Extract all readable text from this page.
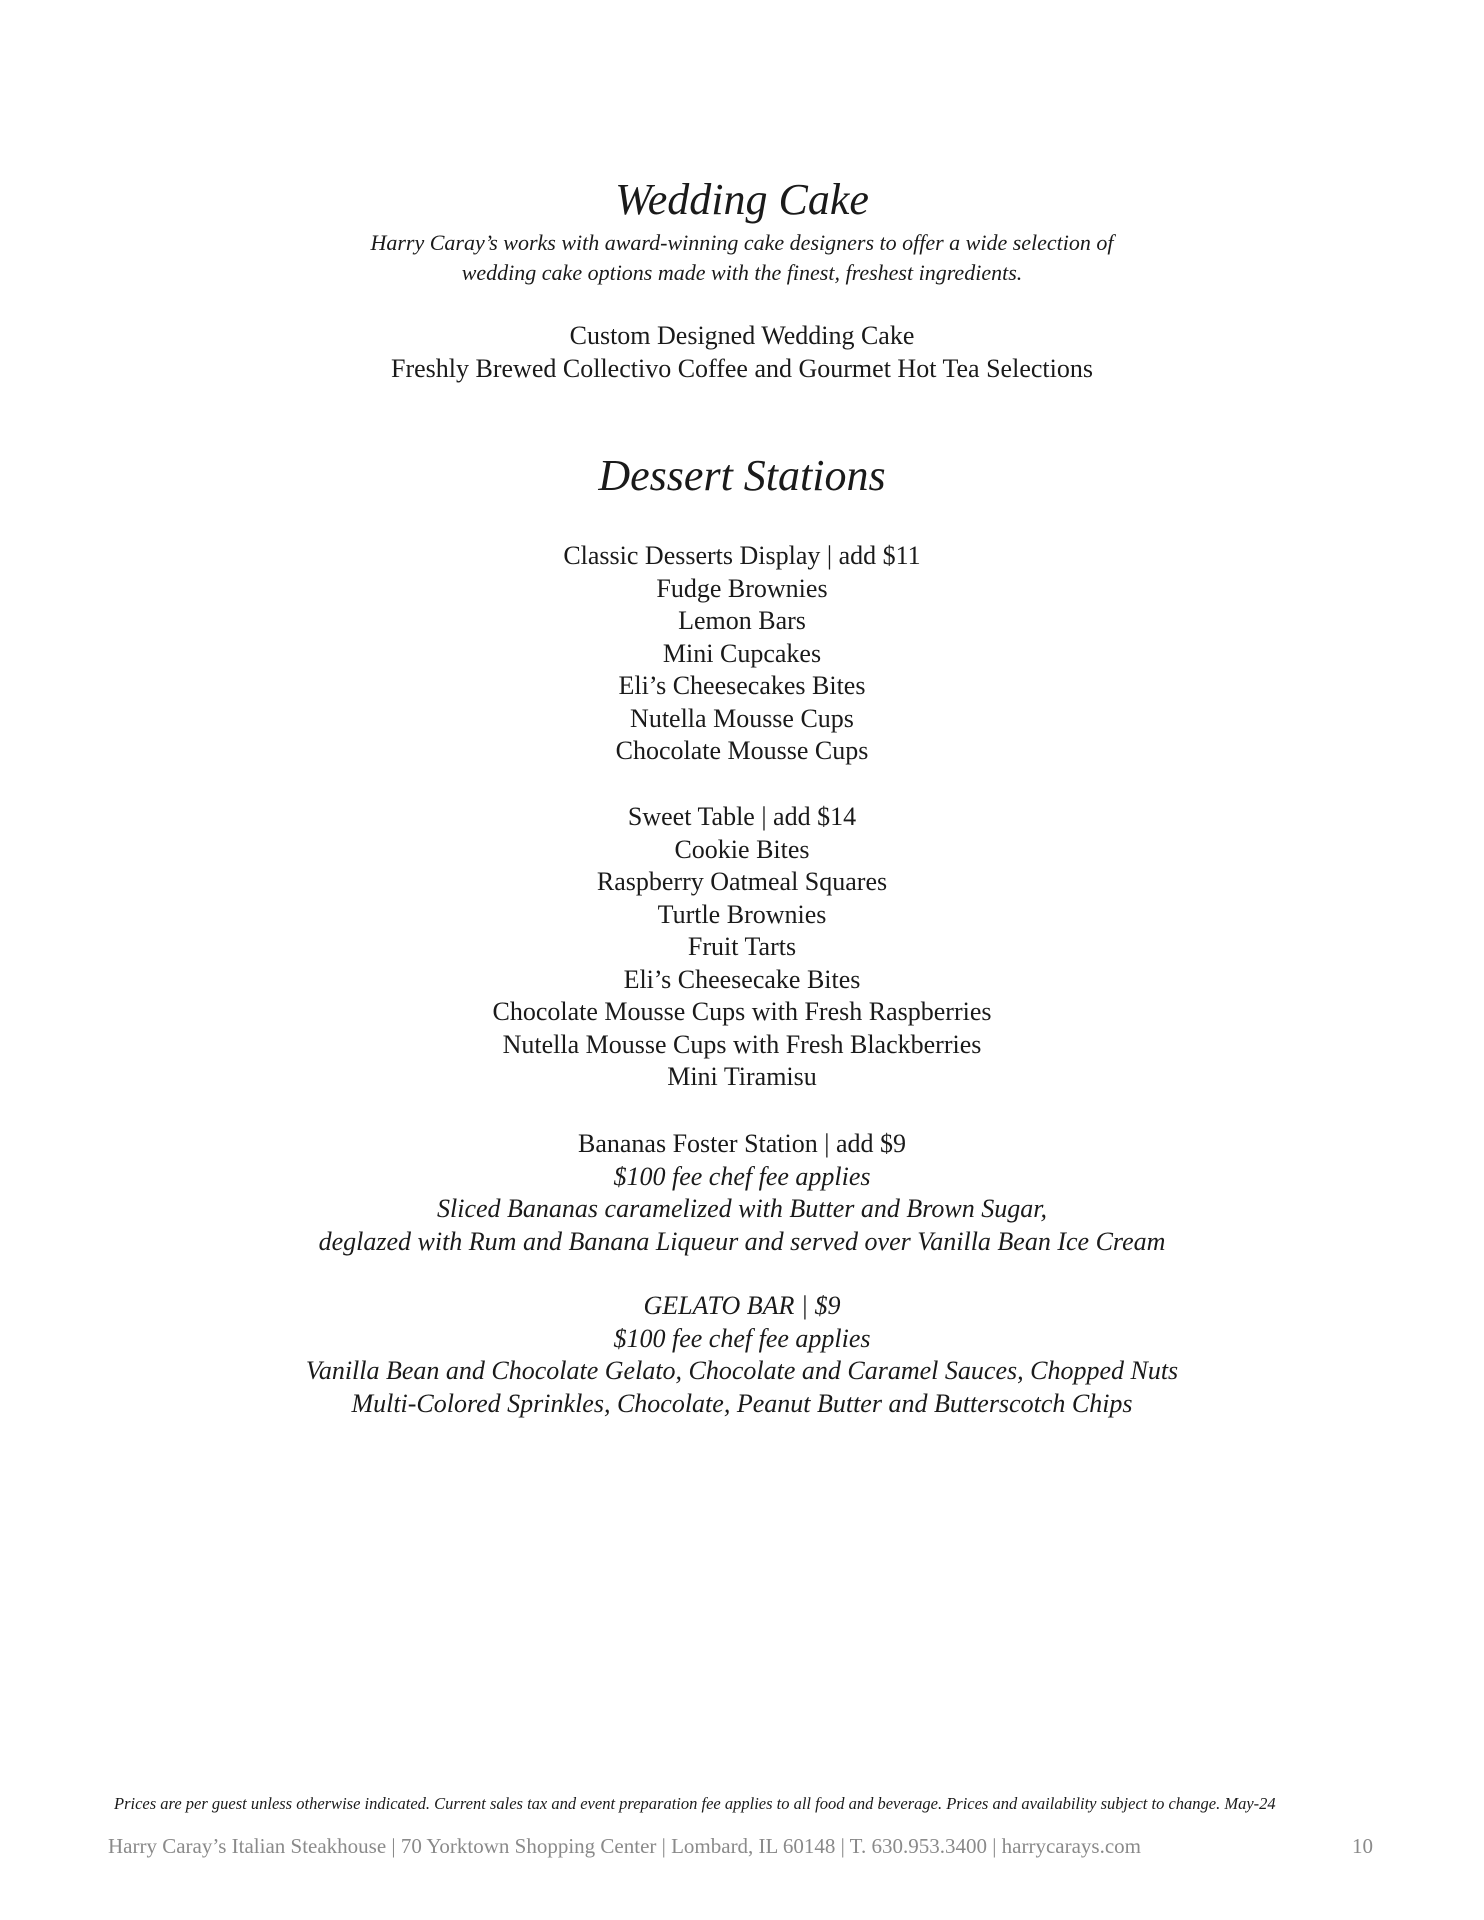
Wedding Cake
Harry Caray’s works with award-winning cake designers to offer a wide selection of
wedding cake options made with the finest, freshest ingredients.
Custom Designed Wedding Cake
Freshly Brewed Collectivo Coffee and Gourmet Hot Tea Selections
Dessert Stations
Classic Desserts Display | add $11
Fudge Brownies
Lemon Bars
Mini Cupcakes
Eli’s Cheesecakes Bites
Nutella Mousse Cups
Chocolate Mousse Cups
Sweet Table | add $14
Cookie Bites
Raspberry Oatmeal Squares
Turtle Brownies
Fruit Tarts
Eli’s Cheesecake Bites
Chocolate Mousse Cups with Fresh Raspberries
Nutella Mousse Cups with Fresh Blackberries
Mini Tiramisu
Bananas Foster Station | add $9
$100 fee chef fee applies
Sliced Bananas caramelized with Butter and Brown Sugar,
deglazed with Rum and Banana Liqueur and served over Vanilla Bean Ice Cream
GELATO BAR | $9
$100 fee chef fee applies
Vanilla Bean and Chocolate Gelato, Chocolate and Caramel Sauces, Chopped Nuts
Multi-Colored Sprinkles, Chocolate, Peanut Butter and Butterscotch Chips
Prices are per guest unless otherwise indicated. Current sales tax and event preparation fee applies to all food and beverage. Prices and availability subject to change. May-24
Harry Caray’s Italian Steakhouse | 70 Yorktown Shopping Center | Lombard, IL 60148 | T. 630.953.3400 | harrycarays.com	10
